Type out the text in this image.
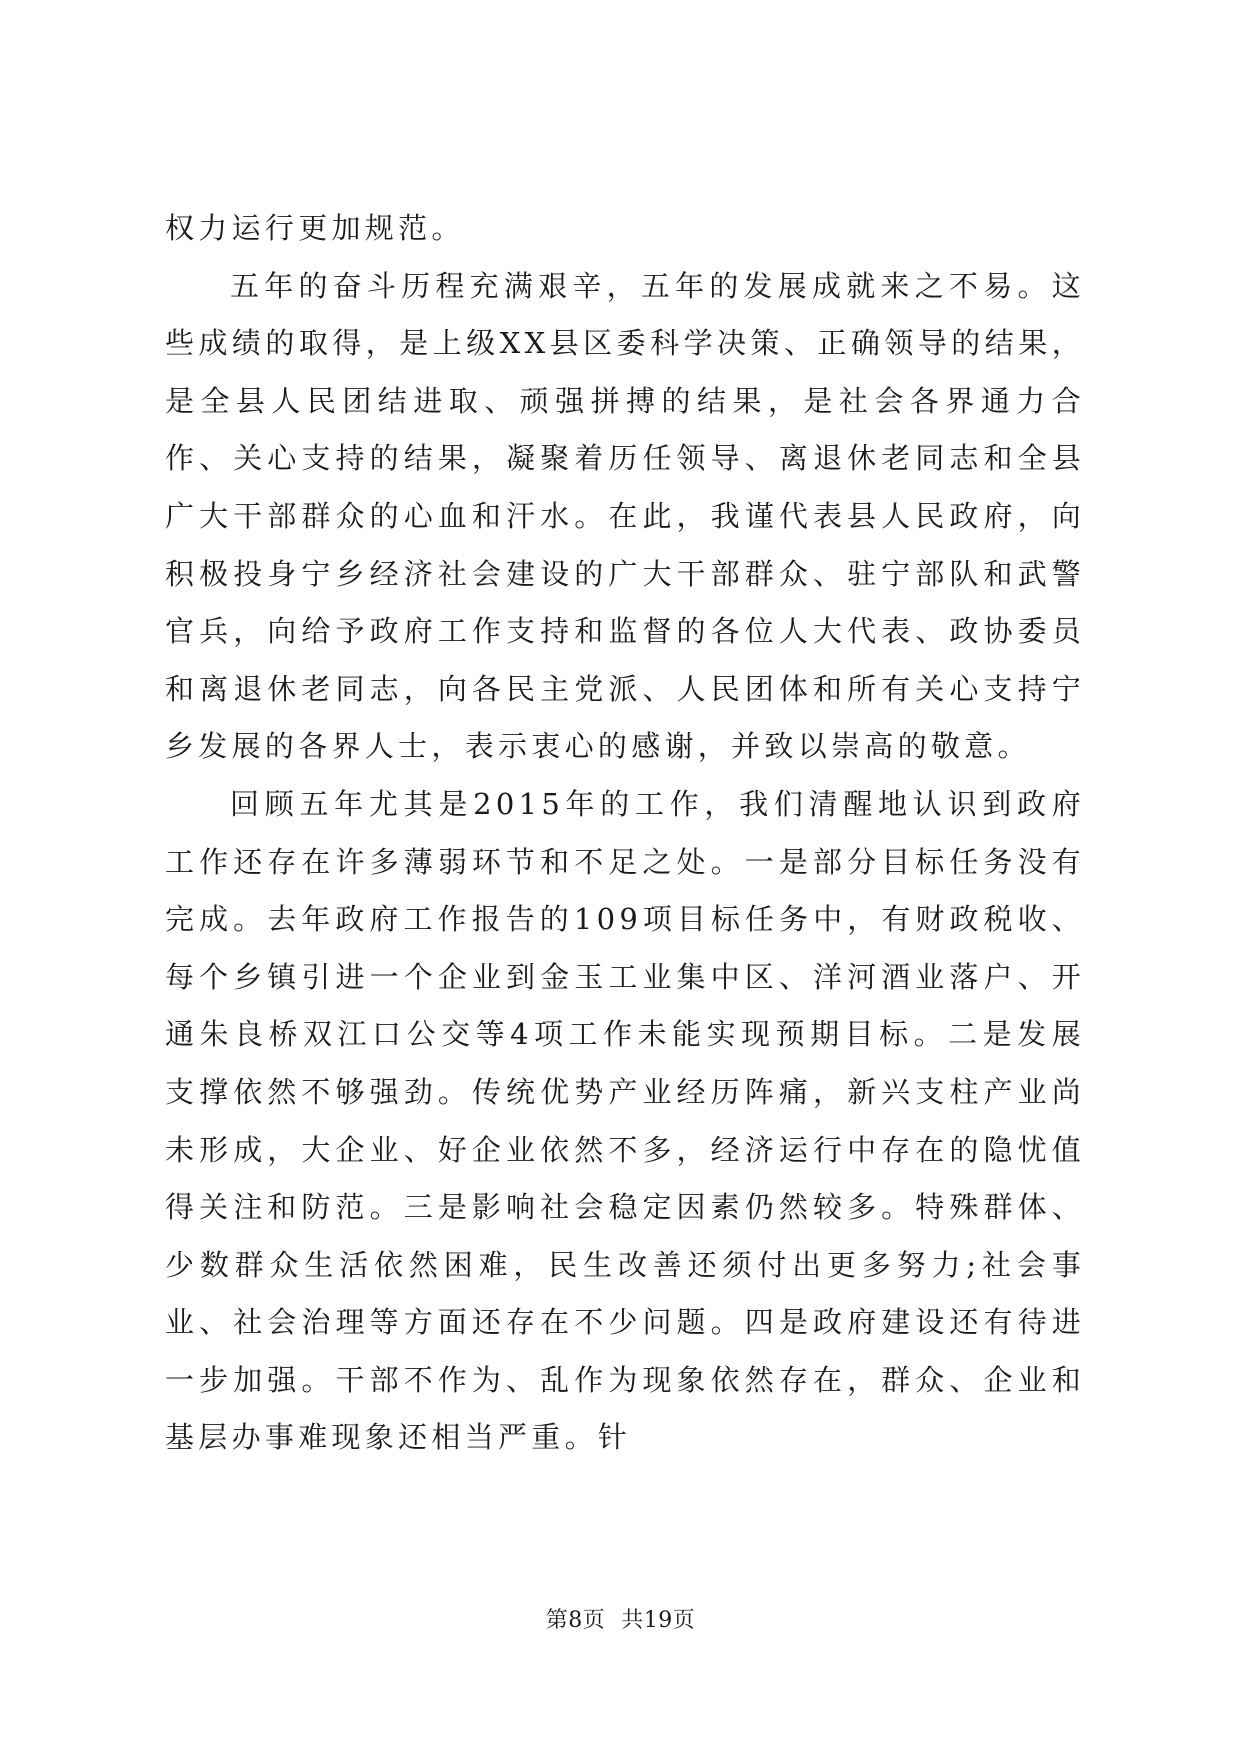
权力运行更加规范。

五年的奋斗历程充满艰辛，五年的发展成就来之不易。这些成绩的取得，是上级XX县区委科学决策、正确领导的结果，是全县人民团结进取、顽强拼搏的结果，是社会各界通力合作、关心支持的结果，凝聚着历任领导、离退休老同志和全县广大干部群众的心血和汗水。在此，我谨代表县人民政府，向积极投身宁乡经济社会建设的广大干部群众、驻宁部队和武警官兵，向给予政府工作支持和监督的各位人大代表、政协委员和离退休老同志，向各民主党派、人民团体和所有关心支持宁乡发展的各界人士，表示衷心的感谢，并致以崇高的敬意。

回顾五年尤其是2015年的工作，我们清醒地认识到政府工作还存在许多薄弱环节和不足之处。一是部分目标任务没有完成。去年政府工作报告的109项目标任务中，有财政税收、每个乡镇引进一个企业到金玉工业集中区、洋河酒业落户、开通朱良桥双江口公交等4项工作未能实现预期目标。二是发展支撑依然不够强劲。传统优势产业经历阵痛，新兴支柱产业尚未形成，大企业、好企业依然不多，经济运行中存在的隐忧值得关注和防范。三是影响社会稳定因素仍然较多。特殊群体、少数群众生活依然困难，民生改善还须付出更多努力;社会事业、社会治理等方面还存在不少问题。四是政府建设还有待进一步加强。干部不作为、乱作为现象依然存在，群众、企业和基层办事难现象还相当严重。针

第8页 共19页
